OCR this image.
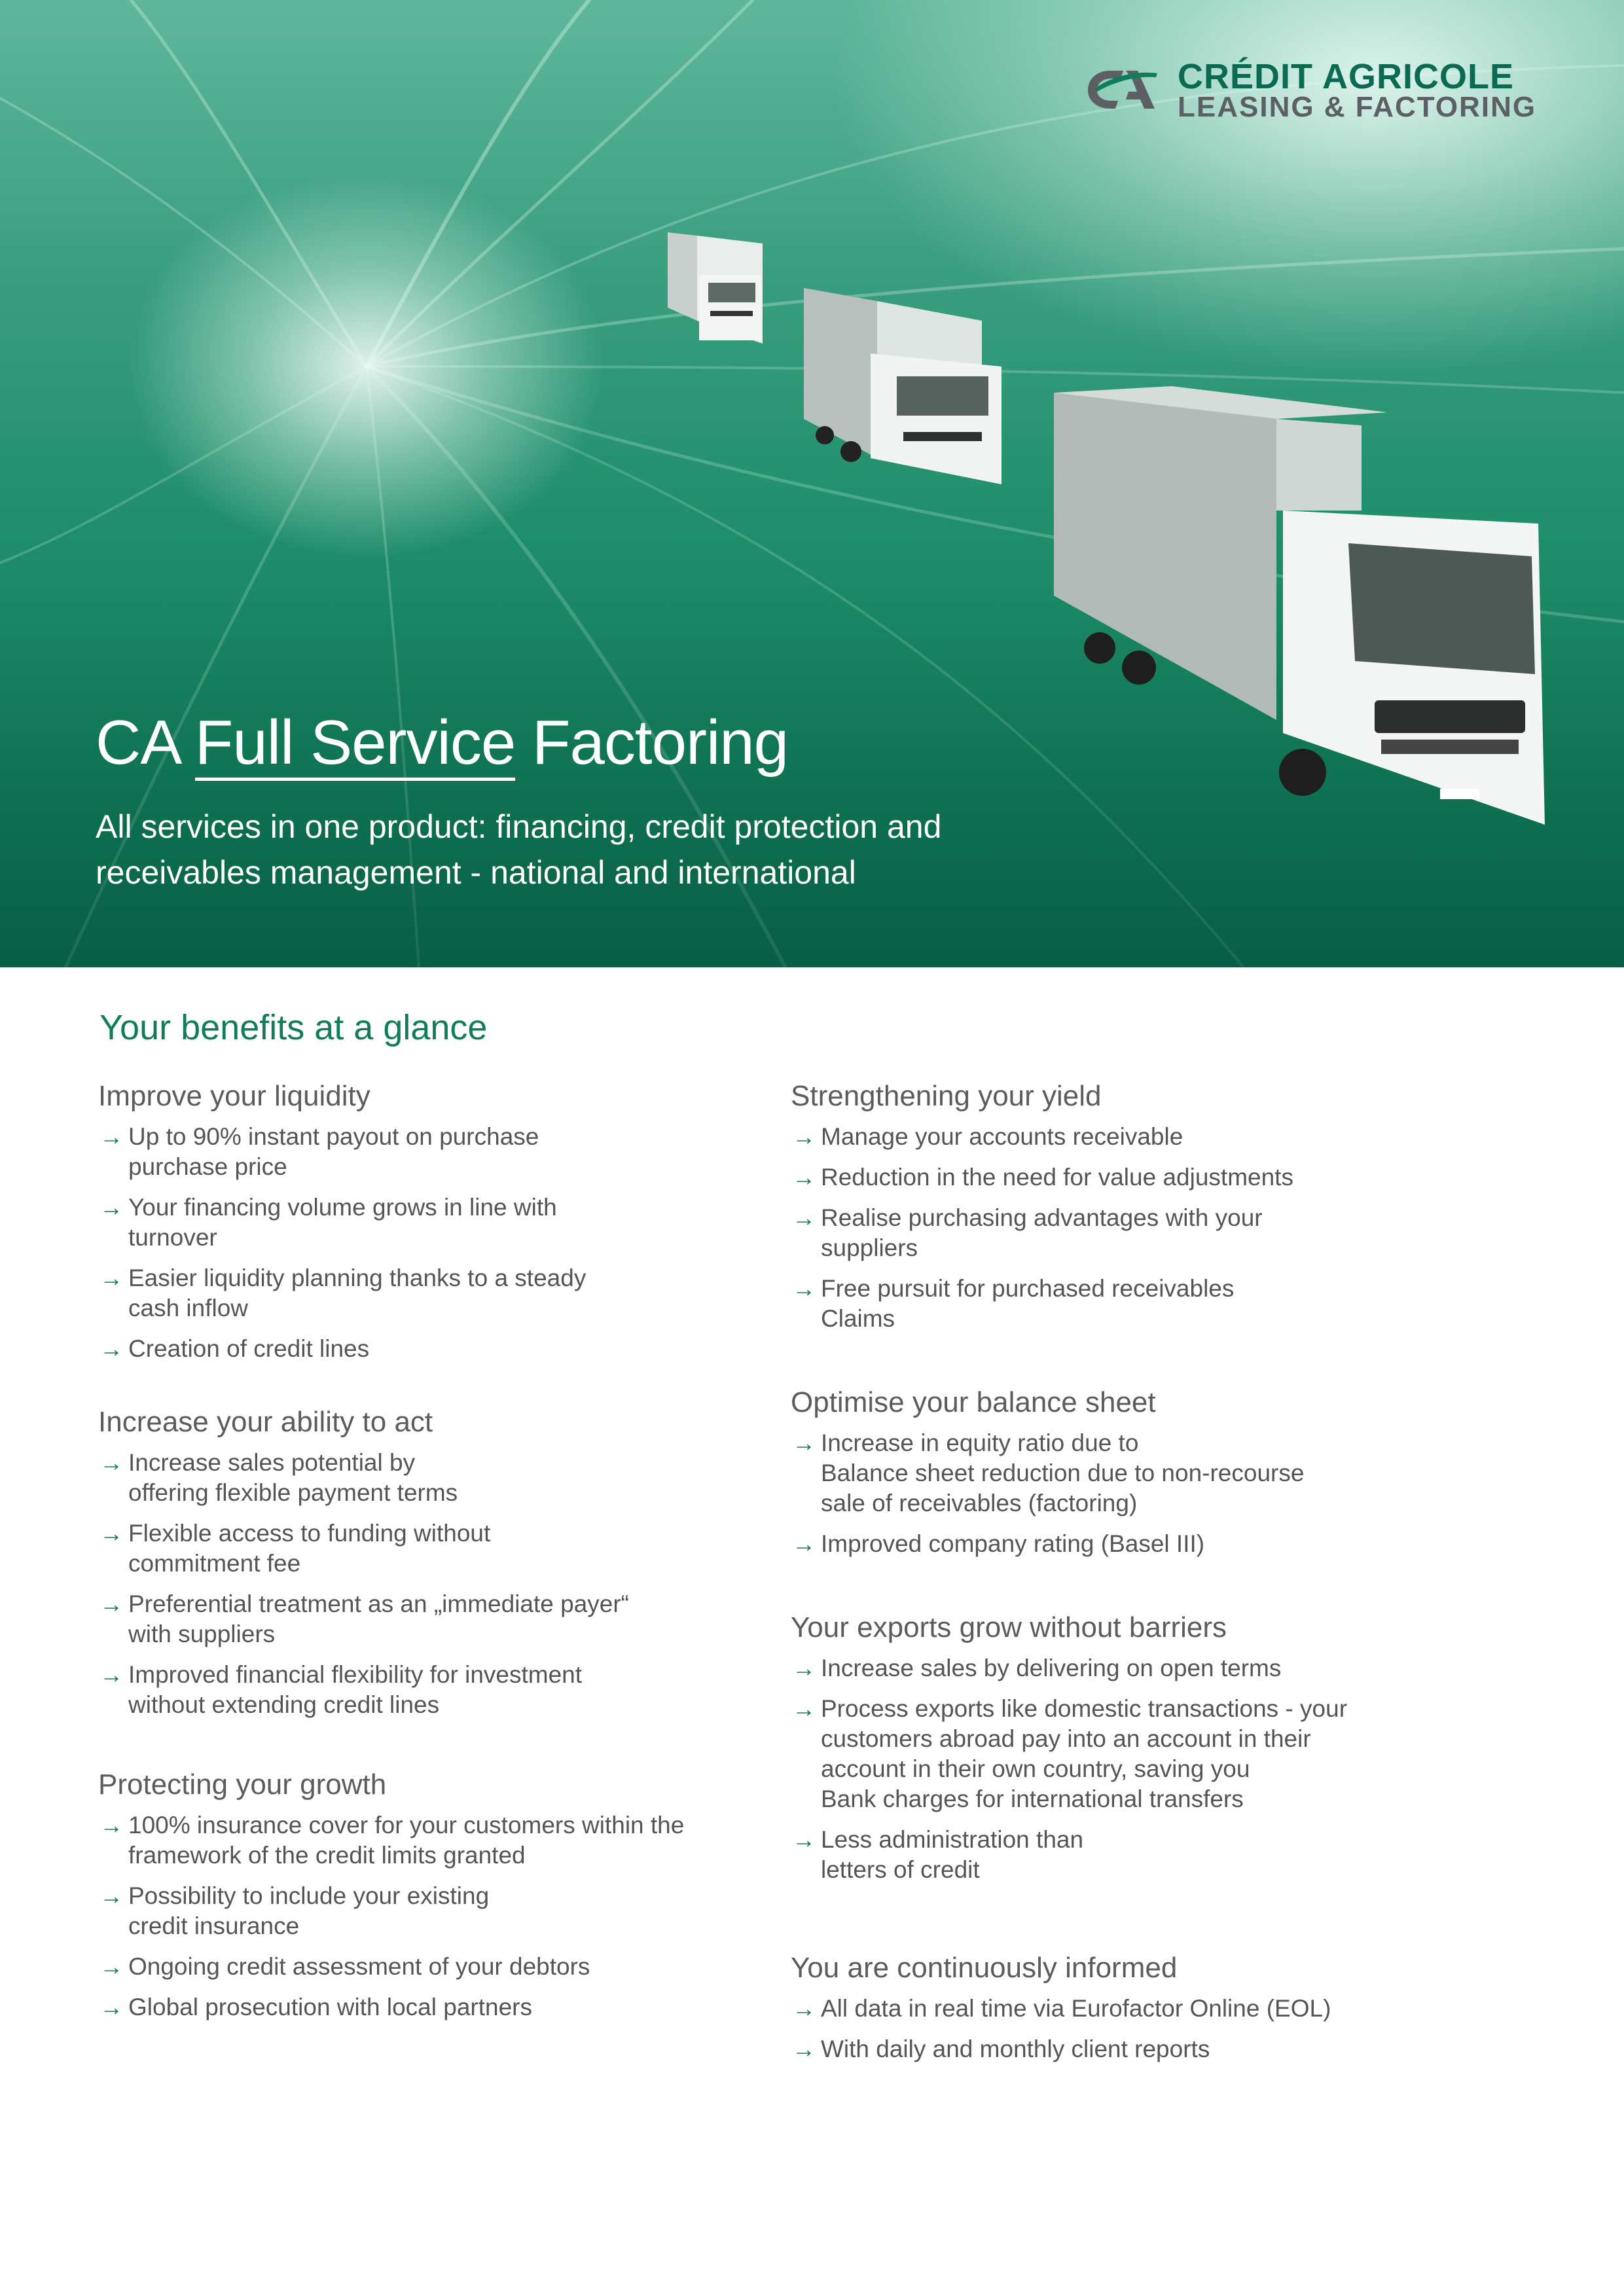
CRÉDIT AGRICOLE
LEASING & FACTORING
CA Full Service Factoring
All services in one product: financing, credit protection and
receivables management - national and international
Your benefits at a glance
Improve your liquidity
→ Up to 90% instant payout on purchase
purchase price
→ Your financing volume grows in line with
turnover
→ Easier liquidity planning thanks to a steady
cash inflow
→ Creation of credit lines
Increase your ability to act
→ Increase sales potential by
offering flexible payment terms
→ Flexible access to funding without
commitment fee
→ Preferential treatment as an „immediate payer“
with suppliers
→ Improved financial flexibility for investment
without extending credit lines
Protecting your growth
→ 100% insurance cover for your customers within the
framework of the credit limits granted
→ Possibility to include your existing
credit insurance
→ Ongoing credit assessment of your debtors
→ Global prosecution with local partners
Strengthening your yield
→ Manage your accounts receivable
→ Reduction in the need for value adjustments
→ Realise purchasing advantages with your
suppliers
→ Free pursuit for purchased receivables
Claims
Optimise your balance sheet
→ Increase in equity ratio due to
Balance sheet reduction due to non-recourse
sale of receivables (factoring)
→ Improved company rating (Basel III)
Your exports grow without barriers
→ Increase sales by delivering on open terms
→ Process exports like domestic transactions - your
customers abroad pay into an account in their
account in their own country, saving you
Bank charges for international transfers
→ Less administration than
letters of credit
You are continuously informed
→ All data in real time via Eurofactor Online (EOL)
→ With daily and monthly client reports
